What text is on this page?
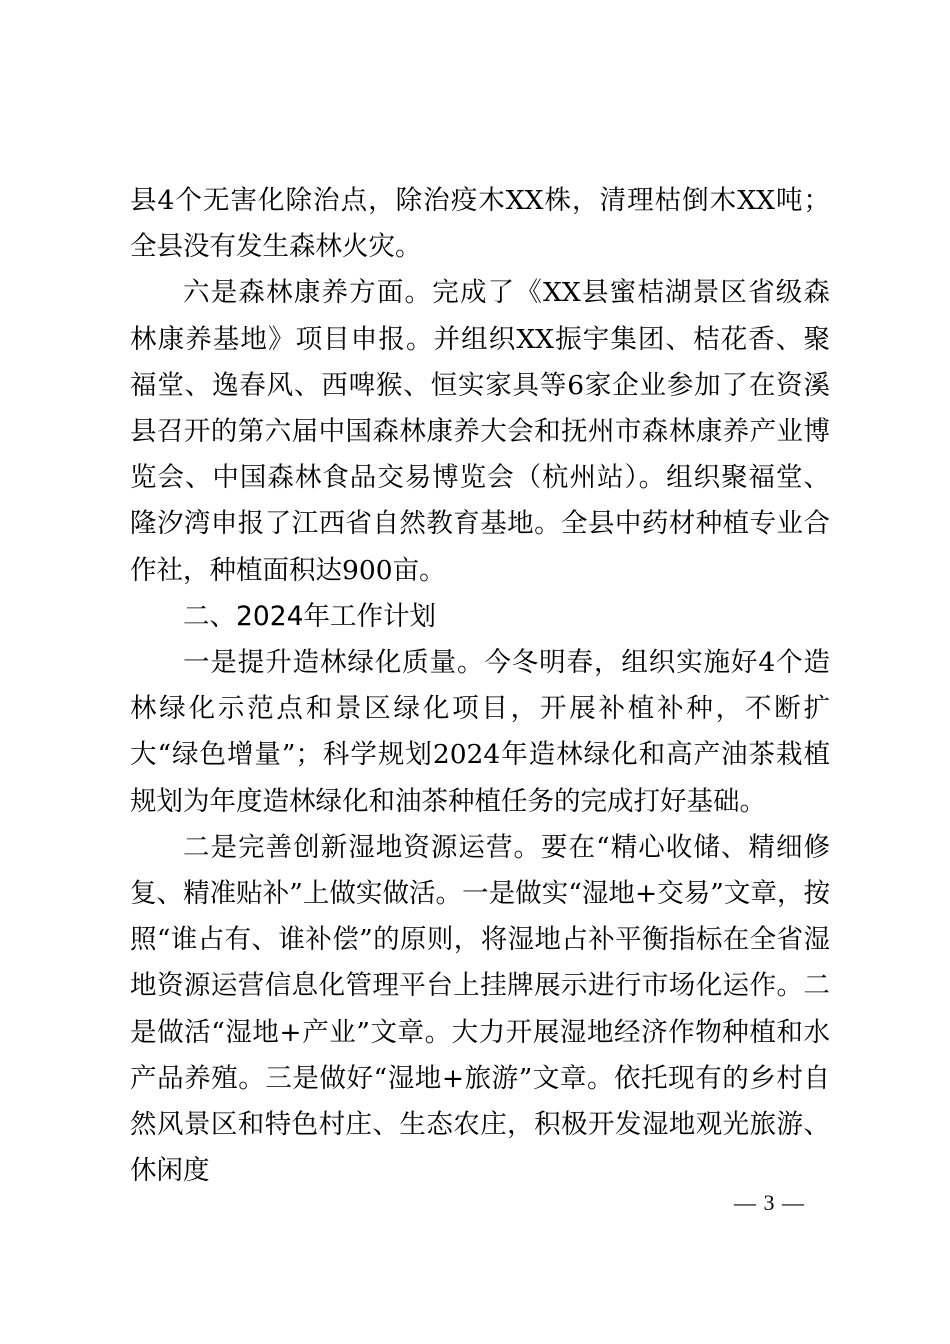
县4个无害化除治点，除治疫木XX株，清理枯倒木XX吨；全县没有发生森林火灾。

六是森林康养方面。完成了《XX县蜜桔湖景区省级森林康养基地》项目申报。并组织XX振宇集团、桔花香、聚福堂、逸春风、西啤猴、恒实家具等6家企业参加了在资溪县召开的第六届中国森林康养大会和抚州市森林康养产业博览会、中国森林食品交易博览会（杭州站）。组织聚福堂、隆汐湾申报了江西省自然教育基地。全县中药材种植专业合作社，种植面积达900亩。

二、2024年工作计划

一是提升造林绿化质量。今冬明春，组织实施好4个造林绿化示范点和景区绿化项目，开展补植补种，不断扩大“绿色增量”；科学规划2024年造林绿化和高产油茶栽植规划为年度造林绿化和油茶种植任务的完成打好基础。

二是完善创新湿地资源运营。要在“精心收储、精细修复、精准贴补”上做实做活。一是做实“湿地+交易”文章，按照“谁占有、谁补偿”的原则，将湿地占补平衡指标在全省湿地资源运营信息化管理平台上挂牌展示进行市场化运作。二是做活“湿地+产业”文章。大力开展湿地经济作物种植和水产品养殖。三是做好“湿地+旅游”文章。依托现有的乡村自然风景区和特色村庄、生态农庄，积极开发湿地观光旅游、休闲度

— 3 —
